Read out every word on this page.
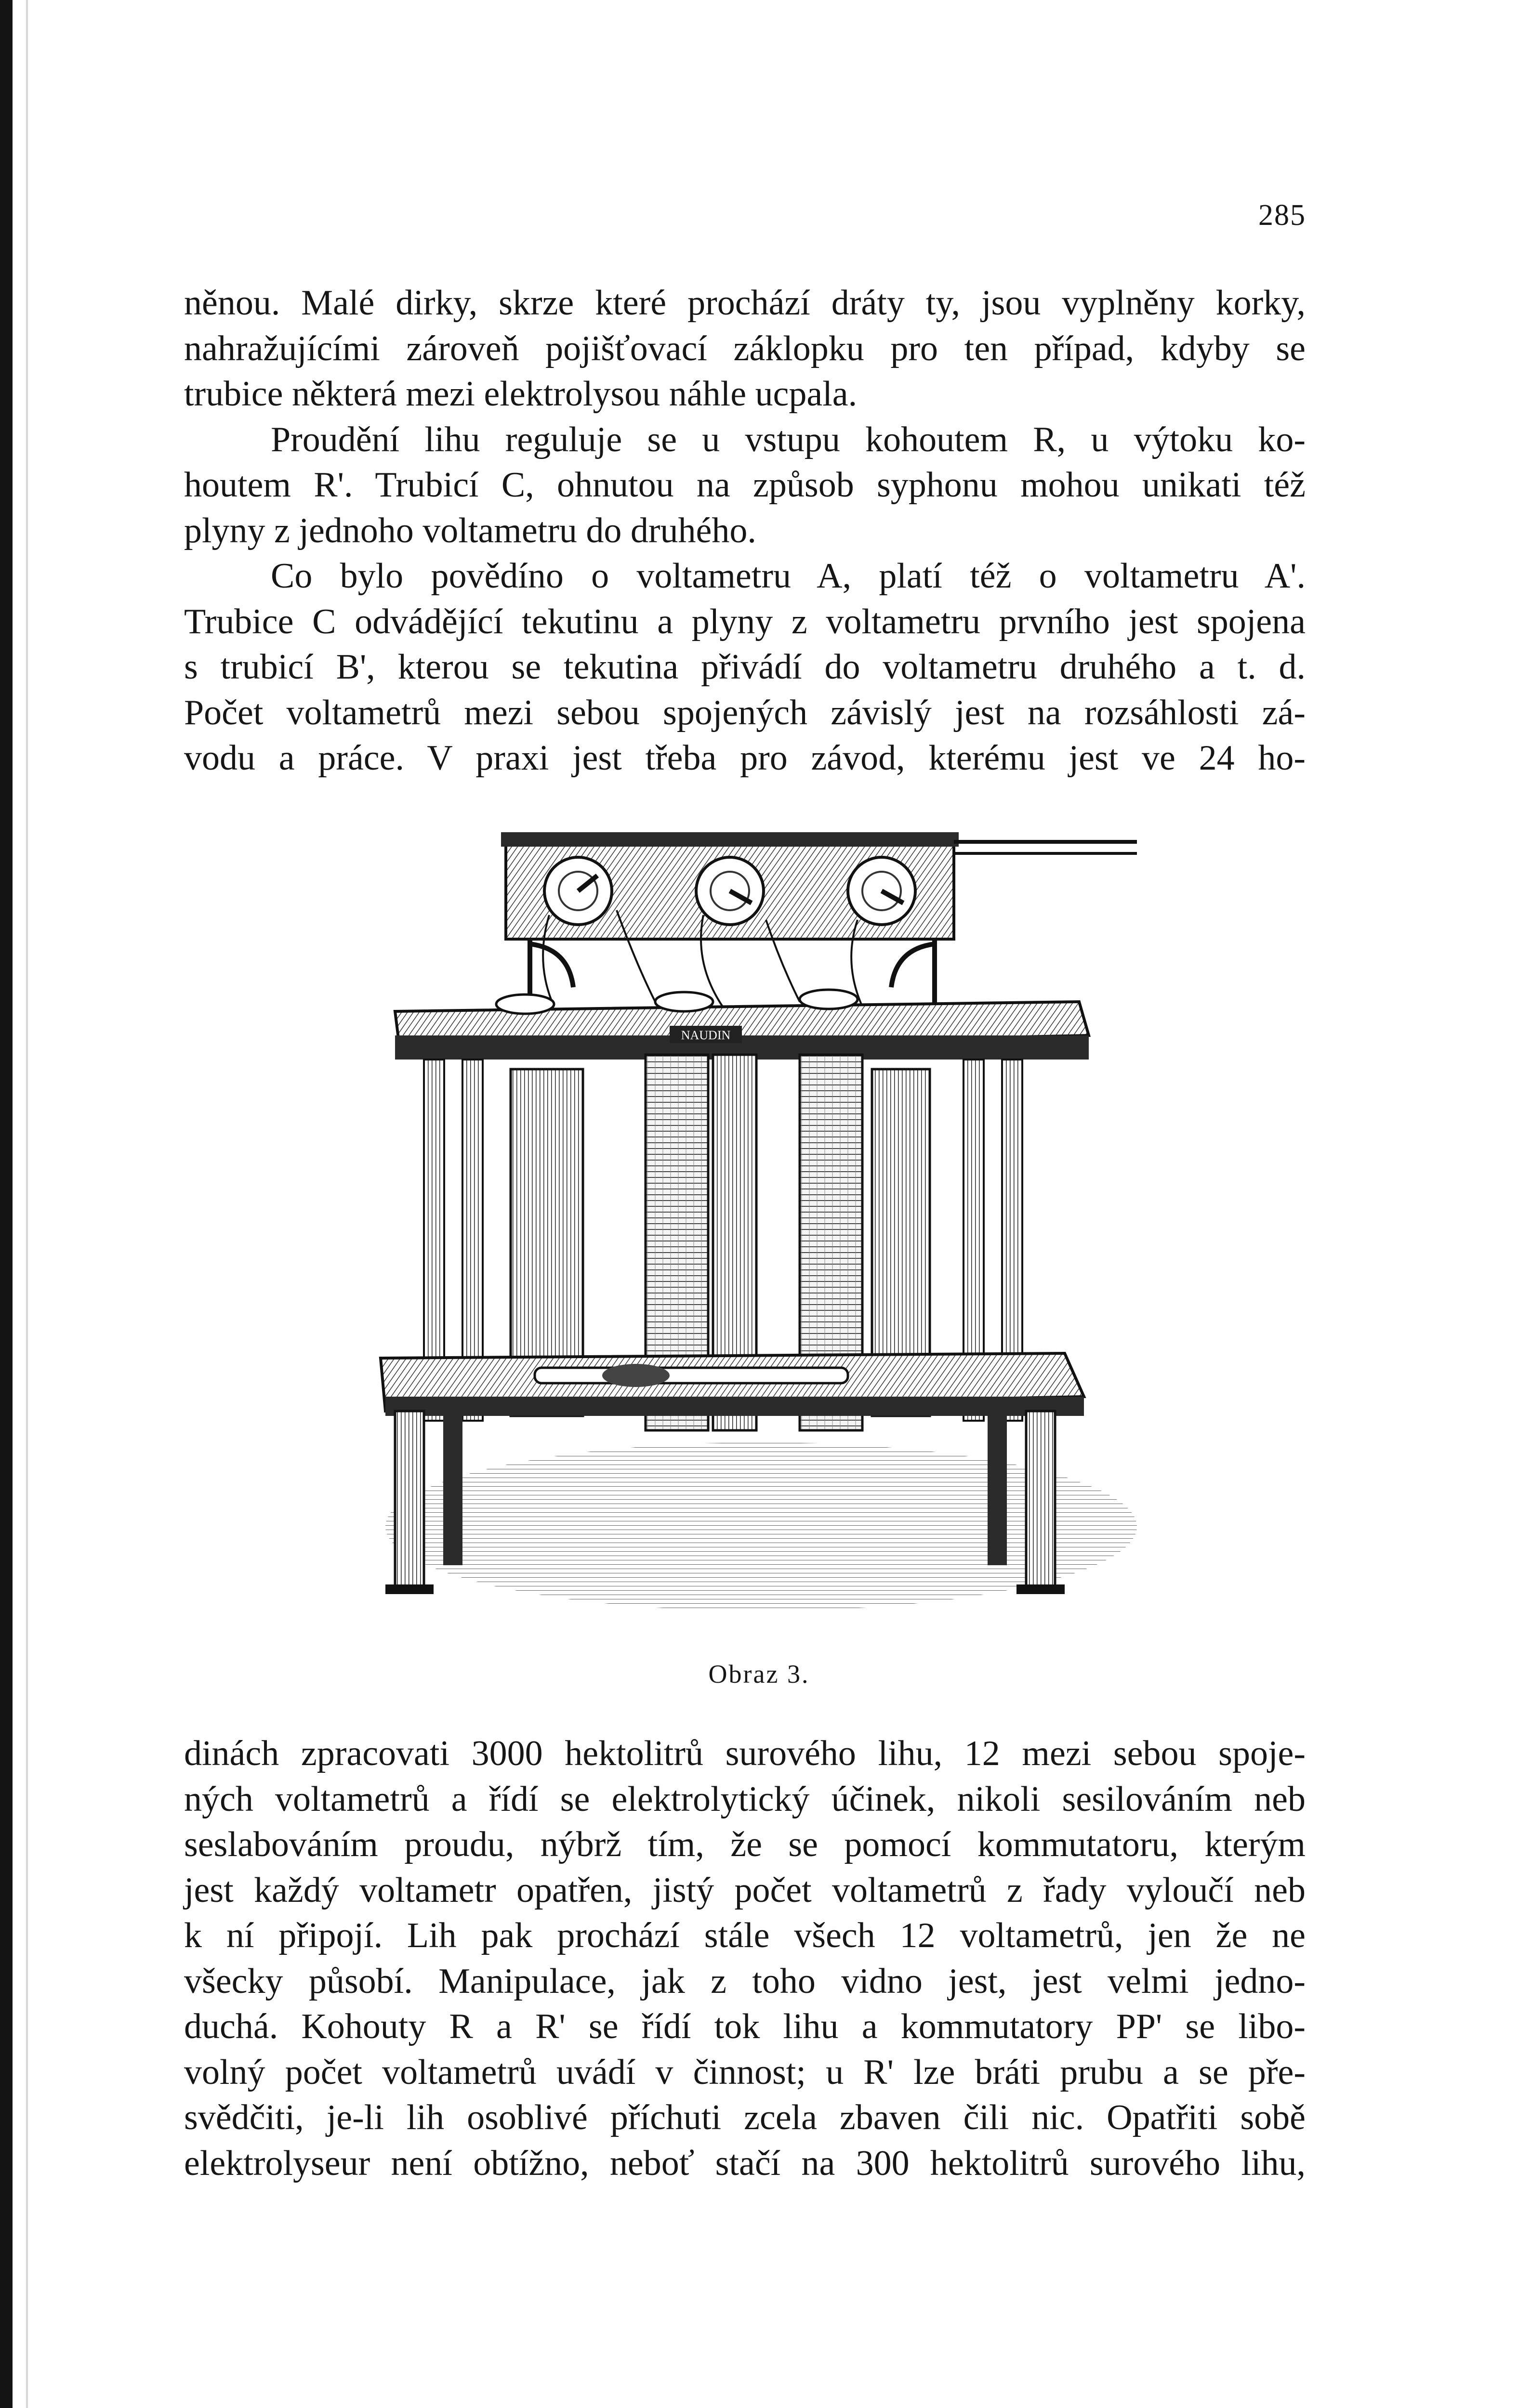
285
něnou. Malé dirky, skrze které prochází dráty ty, jsou vyplněny korky,
nahražujícími zároveň pojišťovací záklopku pro ten případ, kdyby se
trubice některá mezi elektrolysou náhle ucpala.
Proudění lihu reguluje se u vstupu kohoutem R, u výtoku ko-
houtem R'. Trubicí C, ohnutou na způsob syphonu mohou unikati též
plyny z jednoho voltametru do druhého.
Co bylo povědíno o voltametru A, platí též o voltametru A'.
Trubice C odvádějící tekutinu a plyny z voltametru prvního jest spojena
s trubicí B', kterou se tekutina přivádí do voltametru druhého a t. d.
Počet voltametrů mezi sebou spojených závislý jest na rozsáhlosti zá-
vodu a práce. V praxi jest třeba pro závod, kterému jest ve 24 ho-
NAUDIN
Obraz 3.
dinách zpracovati 3000 hektolitrů surového lihu, 12 mezi sebou spoje-
ných voltametrů a řídí se elektrolytický účinek, nikoli sesilováním neb
seslabováním proudu, nýbrž tím, že se pomocí kommutatoru, kterým
jest každý voltametr opatřen, jistý počet voltametrů z řady vyloučí neb
k ní připojí. Lih pak prochází stále všech 12 voltametrů, jen že ne
všecky působí. Manipulace, jak z toho vidno jest, jest velmi jedno-
duchá. Kohouty R a R' se řídí tok lihu a kommutatory PP' se libo-
volný počet voltametrů uvádí v činnost; u R' lze bráti prubu a se pře-
svědčiti, je-li lih osoblivé příchuti zcela zbaven čili nic. Opatřiti sobě
elektrolyseur není obtížno, neboť stačí na 300 hektolitrů surového lihu,
